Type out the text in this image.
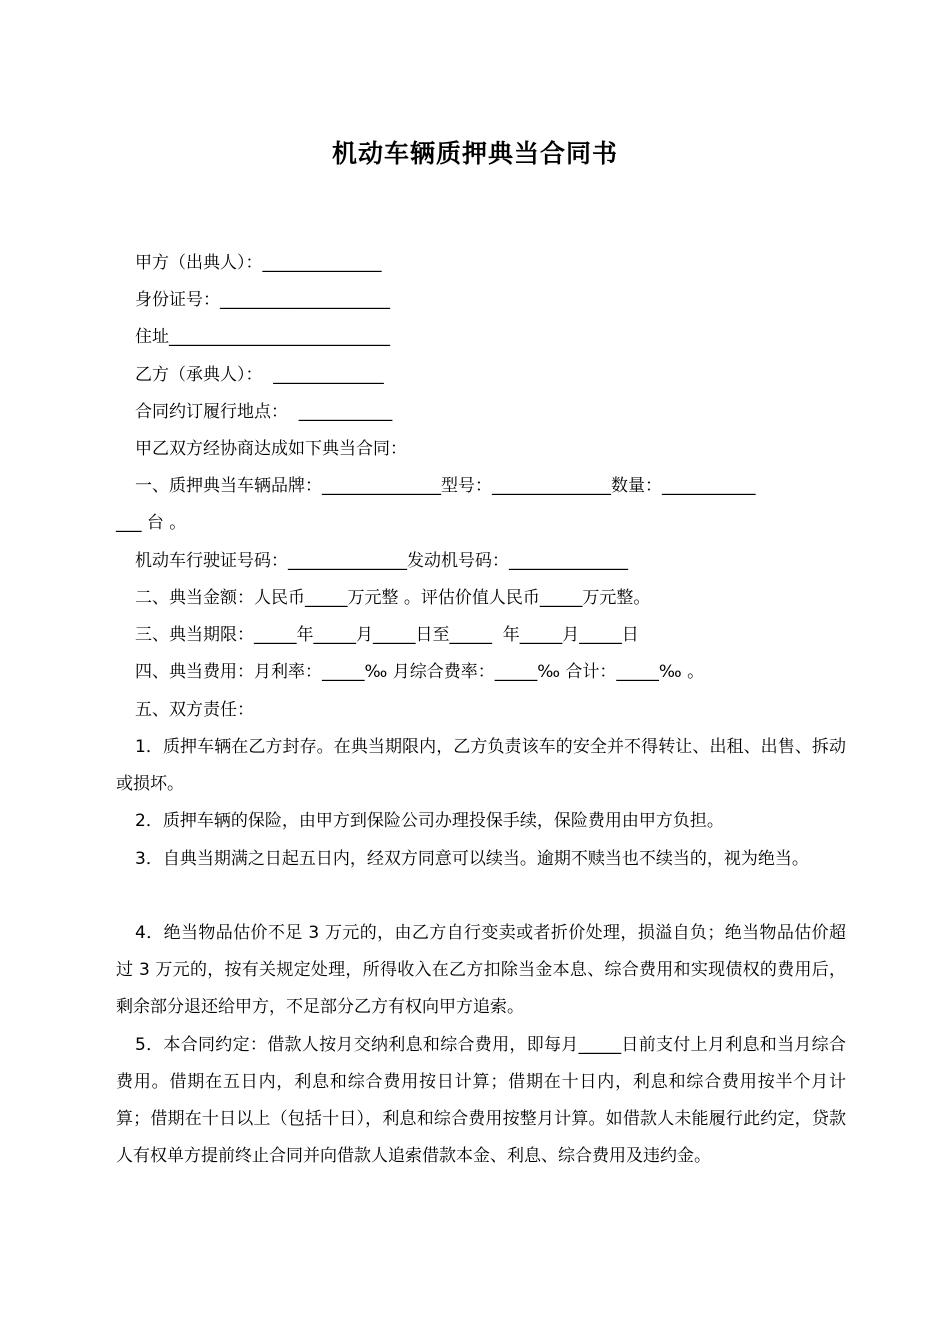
机动车辆质押典当合同书
甲方（出典人）：______________
身份证号：____________________
住址__________________________
乙方（承典人）：  _____________
合同约订履行地点：  ___________
甲乙双方经协商达成如下典当合同：
一、质押典当车辆品牌：______________型号：______________数量：___________
___ 台 。
机动车行驶证号码：______________发动机号码：______________
二、典当金额：人民币_____万元整 。评估价值人民币_____万元整。
三、典当期限：_____年_____月_____日至_____  年_____月_____日
四、典当费用：月利率：_____‰ 月综合费率：_____‰ 合计：_____‰ 。
五、双方责任：
1．质押车辆在乙方封存。在典当期限内，乙方负责该车的安全并不得转让、出租、出售、拆动或损坏。
2．质押车辆的保险，由甲方到保险公司办理投保手续，保险费用由甲方负担。
3．自典当期满之日起五日内，经双方同意可以续当。逾期不赎当也不续当的，视为绝当。
4．绝当物品估价不足 3 万元的，由乙方自行变卖或者折价处理，损溢自负；绝当物品估价超过 3 万元的，按有关规定处理，所得收入在乙方扣除当金本息、综合费用和实现债权的费用后，剩余部分退还给甲方，不足部分乙方有权向甲方追索。
5．本合同约定：借款人按月交纳利息和综合费用，即每月_____日前支付上月利息和当月综合费用。借期在五日内，利息和综合费用按日计算；借期在十日内，利息和综合费用按半个月计算；借期在十日以上（包括十日），利息和综合费用按整月计算。如借款人未能履行此约定，贷款人有权单方提前终止合同并向借款人追索借款本金、利息、综合费用及违约金。
